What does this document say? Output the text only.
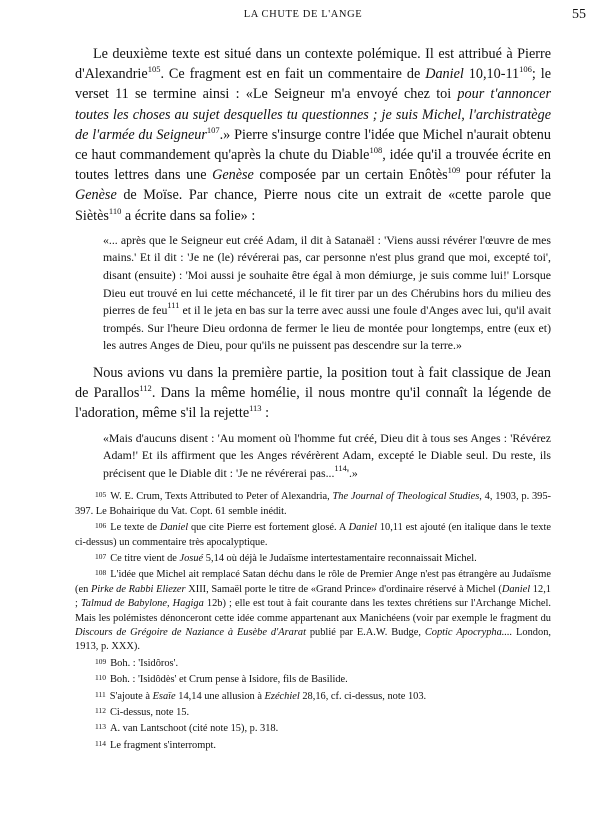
LA CHUTE DE L'ANGE	55

Le deuxième texte est situé dans un contexte polémique. Il est attribué à Pierre d'Alexandrie$^{105}$. Ce fragment est en fait un commentaire de Daniel $10,10-11^{106}$; le verset 11 se termine ainsi : «Le Seigneur m'a envoyé chez toi pour t'annoncer toutes les choses au sujet desquelles tu questionnes ; je suis Michel, l'archistratège de l'armée du Seigneur$^{107}$.» Pierre s'insurge contre l'idée que Michel n'aurait obtenu ce haut commandement qu'après la chute du Diable$^{108}$, idée qu'il a trouvée écrite en toutes lettres dans une Genèse composée par un certain Enôtès$^{109}$ pour réfuter la Genèse de Moïse. Par chance, Pierre nous cite un extrait de «cette parole que Siètès$^{110}$ a écrite dans sa folie» :

«... après que le Seigneur eut créé Adam, il dit à Satanaël : 'Viens aussi révérer l'œuvre de mes mains.' Et il dit : 'Je ne (le) révérerai pas, car personne n'est plus grand que moi, excepté toi', disant (ensuite) : 'Moi aussi je souhaite être égal à mon démiurge, je suis comme lui!' Lorsque Dieu eut trouvé en lui cette méchanceté, il le fit tirer par un des Chérubins hors du milieu des pierres de feu$^{111}$ et il le jeta en bas sur la terre avec aussi une foule d'Anges avec lui, qu'il avait trompés. Sur l'heure Dieu ordonna de fermer le lieu de montée pour longtemps, entre (eux et) les autres Anges de Dieu, pour qu'ils ne puissent pas descendre sur la terre.»

Nous avions vu dans la première partie, la position tout à fait classique de Jean de Parallos$^{112}$. Dans la même homélie, il nous montre qu'il connaît la légende de l'adoration, même s'il la rejette$^{113}$ :

«Mais d'aucuns disent : 'Au moment où l'homme fut créé, Dieu dit à tous ses Anges : 'Révérez Adam!' Et ils affirment que les Anges révérèrent Adam, excepté le Diable seul. Du reste, ils précisent que le Diable dit : 'Je ne révérerai pas...$^{114}$'.»

105 W. E. Crum, Texts Attributed to Peter of Alexandria, The Journal of Theological Studies, 4, 1903, p. 395-397. Le Bohairique du Vat. Copt. 61 semble inédit.

106 Le texte de Daniel que cite Pierre est fortement glosé. A Daniel 10,11 est ajouté (en italique dans le texte ci-dessus) un commentaire très apocalyptique.

107 Ce titre vient de Josué 5,14 où déjà le Judaïsme intertestamentaire reconnaissait Michel.

108 L'idée que Michel ait remplacé Satan déchu dans le rôle de Premier Ange n'est pas étrangère au Judaïsme (en Pirke de Rabbi Eliezer XIII, Samaël porte le titre de «Grand Prince» d'ordinaire réservé à Michel (Daniel 12,1 ; Talmud de Babylone, Hagiga 12b) ; elle est tout à fait courante dans les textes chrétiens sur l'Archange Michel. Mais les polémistes dénonceront cette idée comme appartenant aux Manichéens (voir par exemple le fragment du Discours de Grégoire de Naziance à Eusèbe d'Ararat publié par E.A.W. Budge, Coptic Apocrypha.... London, 1913, p. XXX).

109 Boh. : 'Isidôros'.

110 Boh. : 'Isidôdès' et Crum pense à Isidore, fils de Basilide.

111 S'ajoute à Esaïe 14,14 une allusion à Ezéchiel 28,16, cf. ci-dessus, note 103.

112 Ci-dessus, note 15.

113 A. van Lantschoot (cité note 15), p. 318.

114 Le fragment s'interrompt.
